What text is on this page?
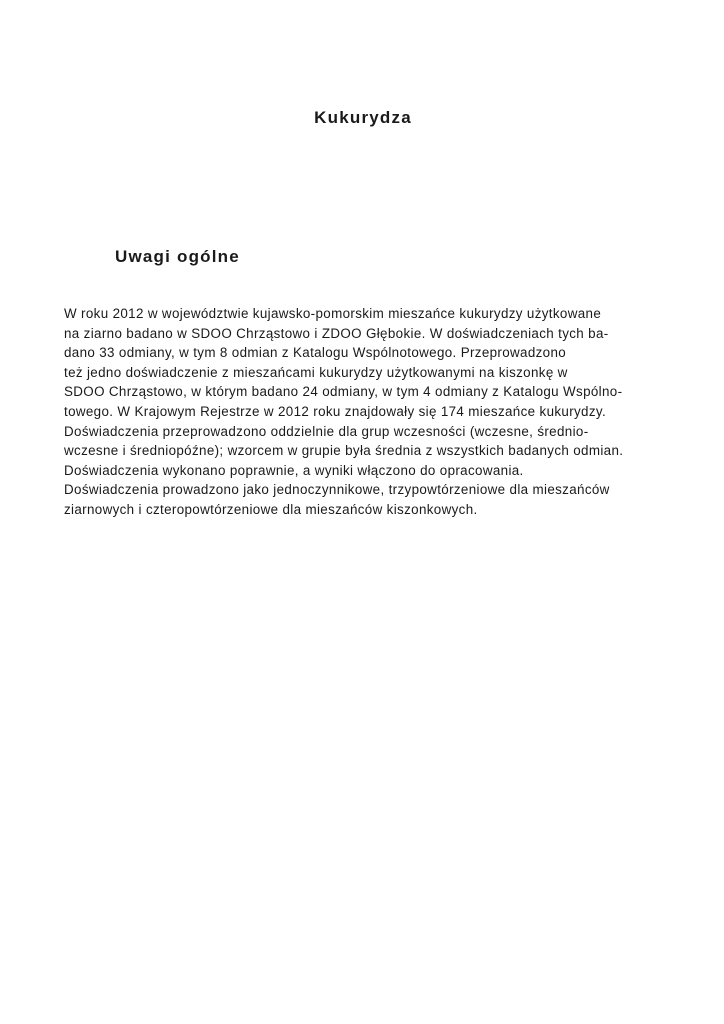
Kukurydza
Uwagi ogólne
W roku 2012 w województwie kujawsko-pomorskim mieszańce kukurydzy użytkowane
na ziarno badano w SDOO Chrząstowo i ZDOO Głębokie. W doświadczeniach tych ba-
dano 33 odmiany, w tym 8 odmian z Katalogu Wspólnotowego. Przeprowadzono
też jedno doświadczenie z mieszańcami kukurydzy użytkowanymi na kiszonkę w
SDOO Chrząstowo, w którym badano 24 odmiany, w tym 4 odmiany z Katalogu Wspólno-
towego. W Krajowym Rejestrze w 2012 roku znajdowały się 174 mieszańce kukurydzy.
Doświadczenia przeprowadzono oddzielnie dla grup wczesności (wczesne, średnio-
wczesne i średniopóźne); wzorcem w grupie była średnia z wszystkich badanych odmian.
Doświadczenia wykonano poprawnie, a wyniki włączono do opracowania.
Doświadczenia prowadzono jako jednoczynnikowe, trzypowtórzeniowe dla mieszańców
ziarnowych i czteropowtórzeniowe dla mieszańców kiszonkowych.
